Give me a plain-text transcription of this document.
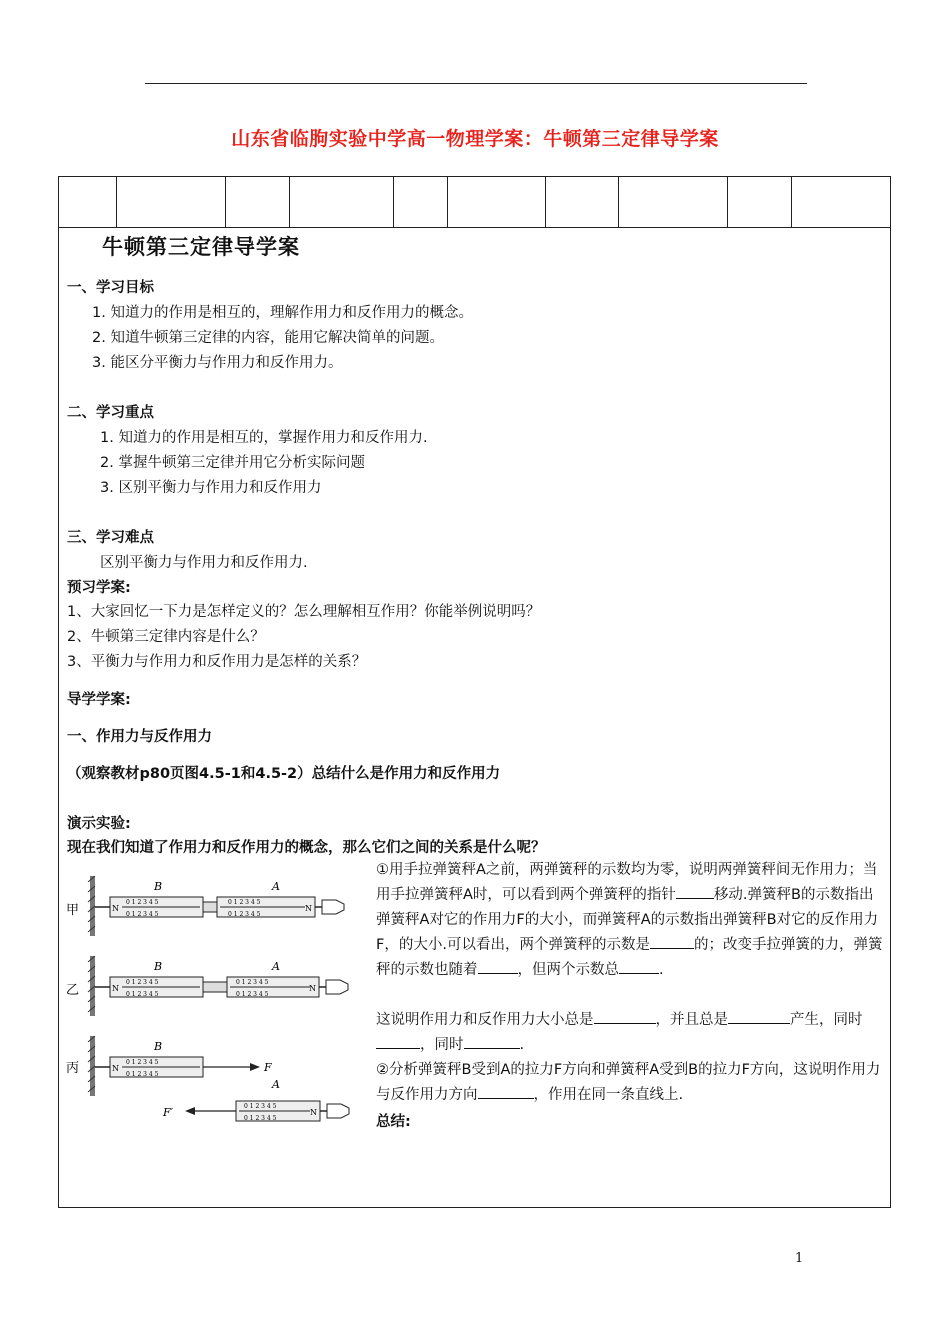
山东省临朐实验中学高一物理学案：牛顿第三定律导学案
牛顿第三定律导学案
一、学习目标
1. 知道力的作用是相互的，理解作用力和反作用力的概念。
2. 知道牛顿第三定律的内容，能用它解决简单的问题。
3. 能区分平衡力与作用力和反作用力。
二、学习重点
1. 知道力的作用是相互的，掌握作用力和反作用力.
2. 掌握牛顿第三定律并用它分析实际问题
3. 区别平衡力与作用力和反作用力
三、学习难点
区别平衡力与作用力和反作用力.
预习学案:
1、大家回忆一下力是怎样定义的？怎么理解相互作用？你能举例说明吗？
2、牛顿第三定律内容是什么？
3、平衡力与作用力和反作用力是怎样的关系？
导学学案:
一、作用力与反作用力
（观察教材p80页图4.5-1和4.5-2）总结什么是作用力和反作用力
演示实验:
现在我们知道了作用力和反作用力的概念，那么它们之间的关系是什么呢？
①用手拉弹簧秤A之前，两弹簧秤的示数均为零，说明两弹簧秤间无作用力；当用手拉弹簧秤A时，可以看到两个弹簧秤的指针	移动.弹簧秤B的示数指出弹簧秤A对它的作用力F的大小，而弹簧秤A的示数指出弹簧秤B对它的反作用力F，的大小.可以看出，两个弹簧秤的示数是	的；改变手拉弹簧的力，弹簧秤的示数也随着	，但两个示数总	.
这说明作用力和反作用力大小总是	，并且总是	产生，同时，同时	.
②分析弹簧秤B受到A的拉力F方向和弹簧秤A受到B的拉力F方向，这说明作用力与反作用力方向	，作用在同一条直线上.
总结:
甲
B
N
0 1 2 3 4 5
0 1 2 3 4 5
A
N
0 1 2 3 4 5
0 1 2 3 4 5
乙
B
N
0 1 2 3 4 5
0 1 2 3 4 5
A
N
0 1 2 3 4 5
0 1 2 3 4 5
丙
B
N
0 1 2 3 4 5
0 1 2 3 4 5
F
A
F′	N
0 1 2 3 4 5
0 1 2 3 4 5
1
